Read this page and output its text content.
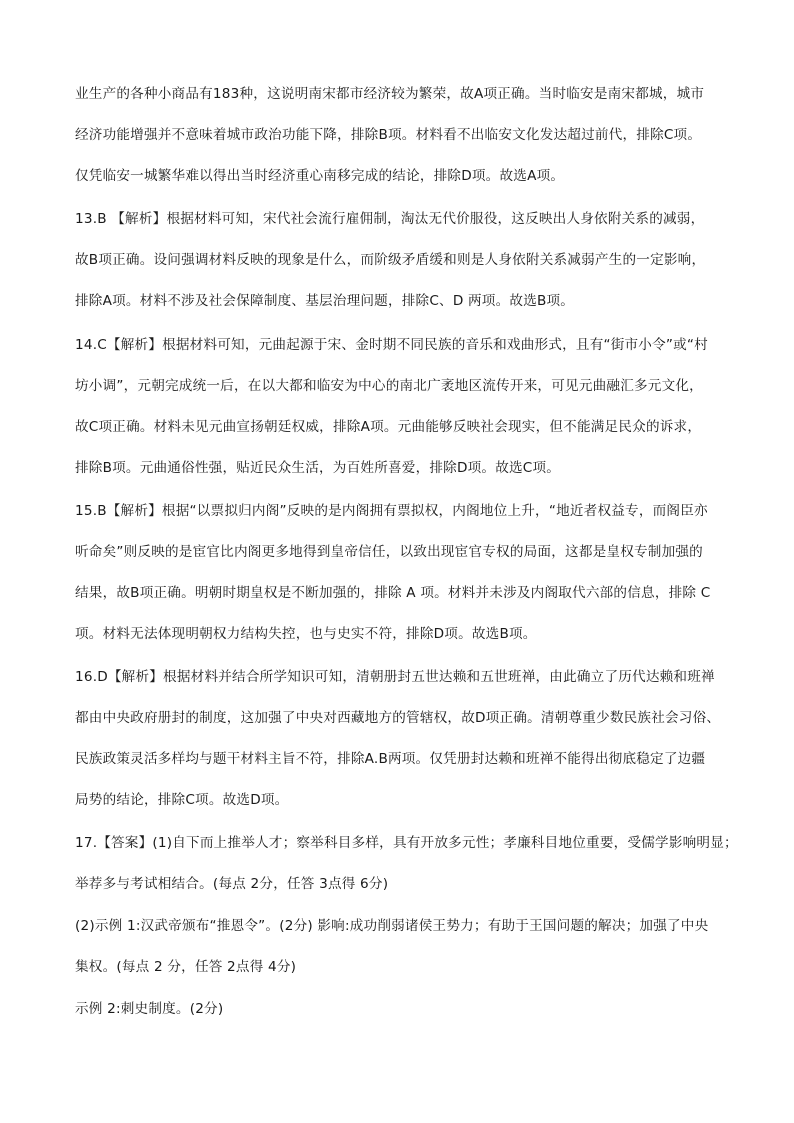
业生产的各种小商品有183种，这说明南宋都市经济较为繁荣，故A项正确。当时临安是南宋都城，城市
经济功能增强并不意味着城市政治功能下降，排除B项。材料看不出临安文化发达超过前代，排除C项。
仅凭临安一城繁华难以得出当时经济重心南移完成的结论，排除D项。故选A项。
13.B 【解析】根据材料可知，宋代社会流行雇佣制，淘汰无代价服役，这反映出人身依附关系的减弱，
故B项正确。设问强调材料反映的现象是什么，而阶级矛盾缓和则是人身依附关系减弱产生的一定影响，
排除A项。材料不涉及社会保障制度、基层治理问题，排除C、D 两项。故选B项。
14.C【解析】根据材料可知，元曲起源于宋、金时期不同民族的音乐和戏曲形式，且有“街市小令”或“村
坊小调”，元朝完成统一后，在以大都和临安为中心的南北广袤地区流传开来，可见元曲融汇多元文化，
故C项正确。材料未见元曲宣扬朝廷权威，排除A项。元曲能够反映社会现实，但不能满足民众的诉求，
排除B项。元曲通俗性强，贴近民众生活，为百姓所喜爱，排除D项。故选C项。
15.B【解析】根据“以票拟归内阁”反映的是内阁拥有票拟权，内阁地位上升，“地近者权益专，而阁臣亦
听命矣”则反映的是宦官比内阁更多地得到皇帝信任，以致出现宦官专权的局面，这都是皇权专制加强的
结果，故B项正确。明朝时期皇权是不断加强的，排除 A 项。材料并未涉及内阁取代六部的信息，排除 C
项。材料无法体现明朝权力结构失控，也与史实不符，排除D项。故选B项。
16.D【解析】根据材料并结合所学知识可知，清朝册封五世达赖和五世班禅，由此确立了历代达赖和班禅
都由中央政府册封的制度，这加强了中央对西藏地方的管辖权，故D项正确。清朝尊重少数民族社会习俗、
民族政策灵活多样均与题干材料主旨不符，排除A.B两项。仅凭册封达赖和班禅不能得出彻底稳定了边疆
局势的结论，排除C项。故选D项。
17.【答案】(1)自下而上推举人才；察举科目多样，具有开放多元性；孝廉科目地位重要，受儒学影响明显；
举荐多与考试相结合。(每点 2分，任答 3点得 6分)
(2)示例 1:汉武帝颁布“推恩令”。(2分) 影响:成功削弱诸侯王势力；有助于王国问题的解决；加强了中央
集权。(每点 2 分，任答 2点得 4分)
示例 2:刺史制度。(2分)
